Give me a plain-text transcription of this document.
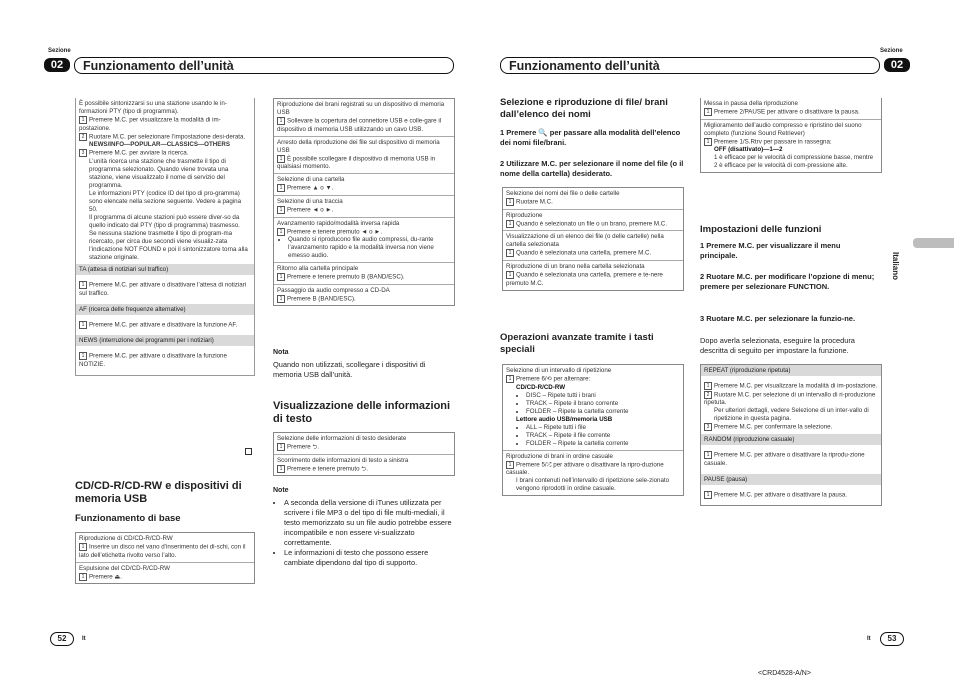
Sezione
02	Funzionamento dell’unità
Sezione
02
Funzionamento dell’unità
È possibile sintonizzarsi su una stazione usando le in-formazioni PTY (tipo di programma).
1 Premere M.C. per visualizzare la modalità di im-postazione.
2 Ruotare M.C. per selezionare l’impostazione desi-derata.
NEWS/INFO—POPULAR—CLASSICS—OTHERS
3 Premere M.C. per avviare la ricerca.
L’unità ricerca una stazione che trasmette il tipo di programma selezionato. Quando viene trovata una stazione, viene visualizzato il nome di servizio del programma.
Le informazioni PTY (codice ID del tipo di pro-gramma) sono elencate nella sezione seguente. Vedere a pagina 50.
Il programma di alcune stazioni può essere diver-so da quello indicato dal PTY (tipo di programma) trasmesso.
Se nessuna stazione trasmette il tipo di program-ma ricercato, per circa due secondi viene visualiz-zata l’indicazione NOT FOUND e poi il sintonizzatore torna alla stazione originale.
TA (attesa di notiziari sul traffico)
1 Premere M.C. per attivare o disattivare l’attesa di notiziari sul traffico.
AF (ricerca delle frequenze alternative)
1 Premere M.C. per attivare e disattivare la funzione AF.
NEWS (interruzione dei programmi per i notiziari)
1 Premere M.C. per attivare o disattivare la funzione NOTIZIE.
CD/CD-R/CD-RW e dispositivi di memoria USB
Funzionamento di base
Riproduzione di CD/CD-R/CD-RW
1 Inserire un disco nel vano d’inserimento dei di-schi, con il lato dell’etichetta rivolto verso l’alto.
Espulsione del CD/CD-R/CD-RW
1 Premere ⏏.
Riproduzione dei brani registrati su un dispositivo di memoria USB
1 Sollevare la copertura del connettore USB e colle-gare il dispositivo di memoria USB utilizzando un cavo USB.
Arresto della riproduzione dei file sul dispositivo di memoria USB
1 È possibile scollegare il dispositivo di memoria USB in qualsiasi momento.
Selezione di una cartella
1 Premere ▲ o ▼.
Selezione di una traccia
1 Premere ◄ o ►.
Avanzamento rapido/modalità inversa rapida
1 Premere e tenere premuto ◄ o ►.
• Quando si riproducono file audio compressi, du-rante l’avanzamento rapido e la modalità inversa non viene emesso audio.
Ritorno alla cartella principale
1 Premere e tenere premuto B (BAND/ESC).
Passaggio da audio compresso a CD-DA
1 Premere B (BAND/ESC).
Nota
Quando non utilizzati, scollegare i dispositivi di memoria USB dall’unità.
Visualizzazione delle informazioni di testo
Selezione delle informazioni di testo desiderate
1 Premere ⮌.
Scorrimento delle informazioni di testo a sinistra
1 Premere e tenere premuto ⮌.
Note
• A seconda della versione di iTunes utilizzata per scrivere i file MP3 o del tipo di file multi-mediali, il testo memorizzato su un file audio potrebbe essere incompatibile e non essere vi-sualizzato correttamente.
• Le informazioni di testo che possono essere cambiate dipendono dal tipo di supporto.
52	It
Selezione e riproduzione di file/ brani dall’elenco dei nomi
1 Premere 🔍 per passare alla modalità dell’elenco dei nomi file/brani.
2 Utilizzare M.C. per selezionare il nome del file (o il nome della cartella) desiderato.
Selezione dei nomi dei file o delle cartelle
1 Ruotare M.C.
Riproduzione
1 Quando è selezionato un file o un brano, premere M.C.
Visualizzazione di un elenco dei file (o delle cartelle) nella cartella selezionata
1 Quando è selezionata una cartella, premere M.C.
Riproduzione di un brano nella cartella selezionata
1 Quando è selezionata una cartella, premere e te-nere premuto M.C.
Operazioni avanzate tramite i tasti speciali
Selezione di un intervallo di ripetizione
1 Premere 6/⟲ per alternare:
CD/CD-R/CD-RW
• DISC – Ripete tutti i brani
• TRACK – Ripete il brano corrente
• FOLDER – Ripete la cartella corrente
Lettore audio USB/memoria USB
• ALL – Ripete tutti i file
• TRACK – Ripete il file corrente
• FOLDER – Ripete la cartella corrente
Riproduzione di brani in ordine casuale
1 Premere 5/⤮ per attivare o disattivare la ripro-duzione casuale.
I brani contenuti nell’intervallo di ripetizione sele-zionato vengono riprodotti in ordine casuale.
Messa in pausa della riproduzione
1 Premere 2/PAUSE per attivare o disattivare la pausa.
Miglioramento dell’audio compresso e ripristino del suono completo (funzione Sound Retriever)
1 Premere 1/S.Rtrv per passare in rassegna:
OFF (disattivato)—1—2
1 è efficace per le velocità di compressione basse, mentre 2 è efficace per le velocità di com-pressione alte.
Impostazioni delle funzioni
1 Premere M.C. per visualizzare il menu principale.
2 Ruotare M.C. per modificare l’opzione di menu; premere per selezionare FUNCTION.
3 Ruotare M.C. per selezionare la funzio-ne.
Dopo averla selezionata, eseguire la procedura descritta di seguito per impostare la funzione.
REPEAT (riproduzione ripetuta)
1 Premere M.C. per visualizzare la modalità di im-postazione.
2 Ruotare M.C. per selezione di un intervallo di ri-produzione ripetuta.
Per ulteriori dettagli, vedere Selezione di un inter-vallo di ripetizione in questa pagina.
3 Premere M.C. per confermare la selezione.
RANDOM (riproduzione casuale)
1 Premere M.C. per attivare o disattivare la riprodu-zione casuale.
PAUSE (pausa)
1 Premere M.C. per attivare o disattivare la pausa.
Italiano
It	53
<CRD4528-A/N>
